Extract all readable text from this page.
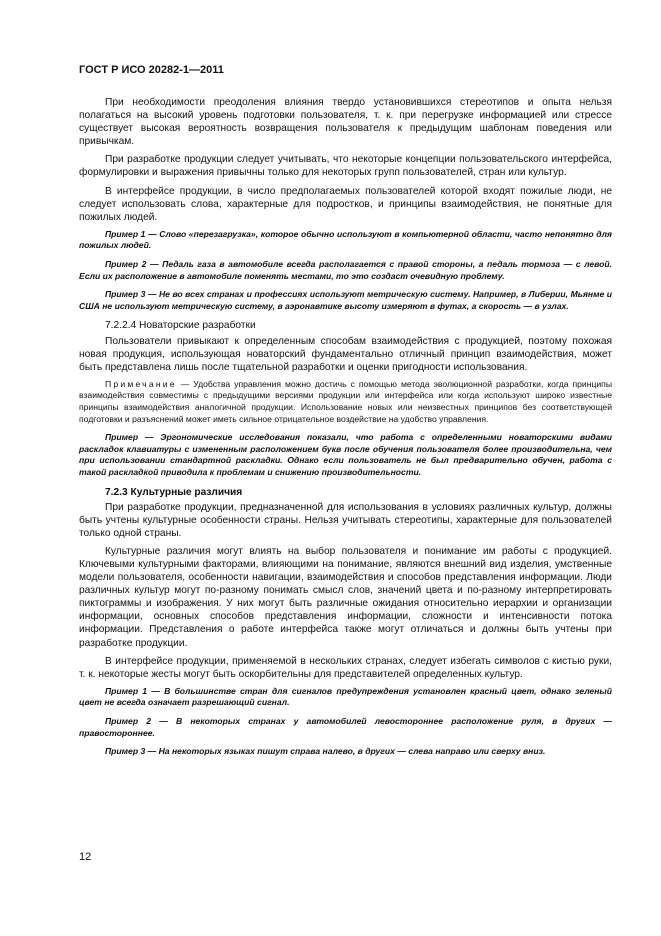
ГОСТ Р ИСО 20282-1—2011

При необходимости преодоления влияния твердо установившихся стереотипов и опыта нельзя полагаться на высокий уровень подготовки пользователя, т. к. при перегрузке информацией или стрессе существует высокая вероятность возвращения пользователя к предыдущим шаблонам поведения или привычкам.

При разработке продукции следует учитывать, что некоторые концепции пользовательского интерфейса, формулировки и выражения привычны только для некоторых групп пользователей, стран или культур.

В интерфейсе продукции, в число предполагаемых пользователей которой входят пожилые люди, не следует использовать слова, характерные для подростков, и принципы взаимодействия, не понятные для пожилых людей.

Пример 1 — Слово «перезагрузка», которое обычно используют в компьютерной области, часто непонятно для пожилых людей.

Пример 2 — Педаль газа в автомобиле всегда располагается с правой стороны, а педаль тормоза — с левой. Если их расположение в автомобиле поменять местами, то это создаст очевидную проблему.

Пример 3 — Не во всех странах и профессиях используют метрическую систему. Например, в Либерии, Мьянме и США не используют метрическую систему, в аэронавтике высоту измеряют в футах, а скорость — в узлах.

7.2.2.4 Новаторские разработки

Пользователи привыкают к определенным способам взаимодействия с продукцией, поэтому похожая новая продукция, использующая новаторский фундаментально отличный принцип взаимодействия, может быть представлена лишь после тщательной разработки и оценки пригодности использования.

Примечание — Удобства управления можно достичь с помощью метода эволюционной разработки, когда принципы взаимодействия совместимы с предыдущими версиями продукции или интерфейса или когда используют широко известные принципы взаимодействия аналогичной продукции. Использование новых или неизвестных принципов без соответствующей подготовки и разъяснений может иметь сильное отрицательное воздействие на удобство управления.

Пример — Эргономические исследования показали, что работа с определенными новаторскими видами раскладок клавиатуры с измененным расположением букв после обучения пользователя более производительна, чем при использовании стандартной раскладки. Однако если пользователь не был предварительно обучен, работа с такой раскладкой приводила к проблемам и снижению производительности.

7.2.3 Культурные различия

При разработке продукции, предназначенной для использования в условиях различных культур, должны быть учтены культурные особенности страны. Нельзя учитывать стереотипы, характерные для пользователей только одной страны.

Культурные различия могут влиять на выбор пользователя и понимание им работы с продукцией. Ключевыми культурными факторами, влияющими на понимание, являются внешний вид изделия, умственные модели пользователя, особенности навигации, взаимодействия и способов представления информации. Люди различных культур могут по-разному понимать смысл слов, значений цвета и по-разному интерпретировать пиктограммы и изображения. У них могут быть различные ожидания относительно иерархии и организации информации, основных способов представления информации, сложности и интенсивности потока информации. Представления о работе интерфейса также могут отличаться и должны быть учтены при разработке продукции.

В интерфейсе продукции, применяемой в нескольких странах, следует избегать символов с кистью руки, т. к. некоторые жесты могут быть оскорбительны для представителей определенных культур.

Пример 1 — В большинстве стран для сигналов предупреждения установлен красный цвет, однако зеленый цвет не всегда означает разрешающий сигнал.

Пример 2 — В некоторых странах у автомобилей левостороннее расположение руля, в других — правостороннее.

Пример 3 — На некоторых языках пишут справа налево, в других — слева направо или сверху вниз.

12
